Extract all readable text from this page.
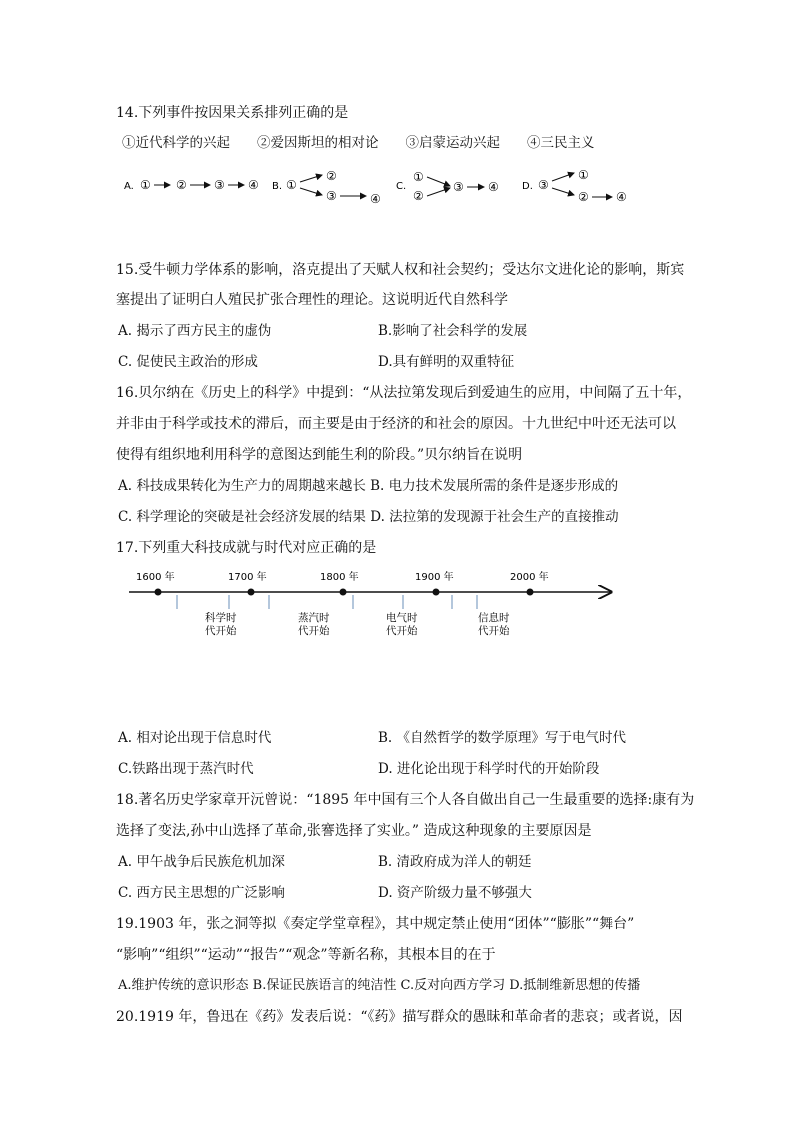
14.下列事件按因果关系排列正确的是
①近代科学的兴起　　②爱因斯坦的相对论　　③启蒙运动兴起　　④三民主义
A. ① ② ③ ④ B. ①
②
③	④
C.
①
②
③ ④ D. ③
①
② ④
15.受牛顿力学体系的影响，洛克提出了天赋人权和社会契约；受达尔文进化论的影响，斯宾
塞提出了证明白人殖民扩张合理性的理论。这说明近代自然科学
A. 揭示了西方民主的虚伪	B.影响了社会科学的发展
C. 促使民主政治的形成	D.具有鲜明的双重特征
16.贝尔纳在《历史上的科学》中提到：“从法拉第发现后到爱迪生的应用，中间隔了五十年，
并非由于科学或技术的滞后，而主要是由于经济的和社会的原因。十九世纪中叶还无法可以
使得有组织地利用科学的意图达到能生利的阶段。”贝尔纳旨在说明
A. 科技成果转化为生产力的周期越来越长 B. 电力技术发展所需的条件是逐步形成的
C. 科学理论的突破是社会经济发展的结果 D. 法拉第的发现源于社会生产的直接推动
17.下列重大科技成就与时代对应正确的是
1600 年	1700 年	1800 年	1900 年	2000 年
科学时
代开始
蒸汽时
代开始
电气时
代开始
信息时
代开始
A. 相对论出现于信息时代	B. 《自然哲学的数学原理》写于电气时代
C.铁路出现于蒸汽时代	D. 进化论出现于科学时代的开始阶段
18.著名历史学家章开沅曾说：“1895 年中国有三个人各自做出自己一生最重要的选择:康有为
选择了变法,孙中山选择了革命,张謇选择了实业。” 造成这种现象的主要原因是
A. 甲午战争后民族危机加深	B. 清政府成为洋人的朝廷
C. 西方民主思想的广泛影响	D. 资产阶级力量不够强大
19.1903 年，张之洞等拟《奏定学堂章程》，其中规定禁止使用“团体”“膨胀”“舞台”
“影响”“组织”“运动”“报告”“观念”等新名称，其根本目的在于
A.维护传统的意识形态 B.保证民族语言的纯洁性 C.反对向西方学习 D.抵制维新思想的传播
20.1919 年，鲁迅在《药》发表后说：“《药》描写群众的愚昧和革命者的悲哀；或者说，因
